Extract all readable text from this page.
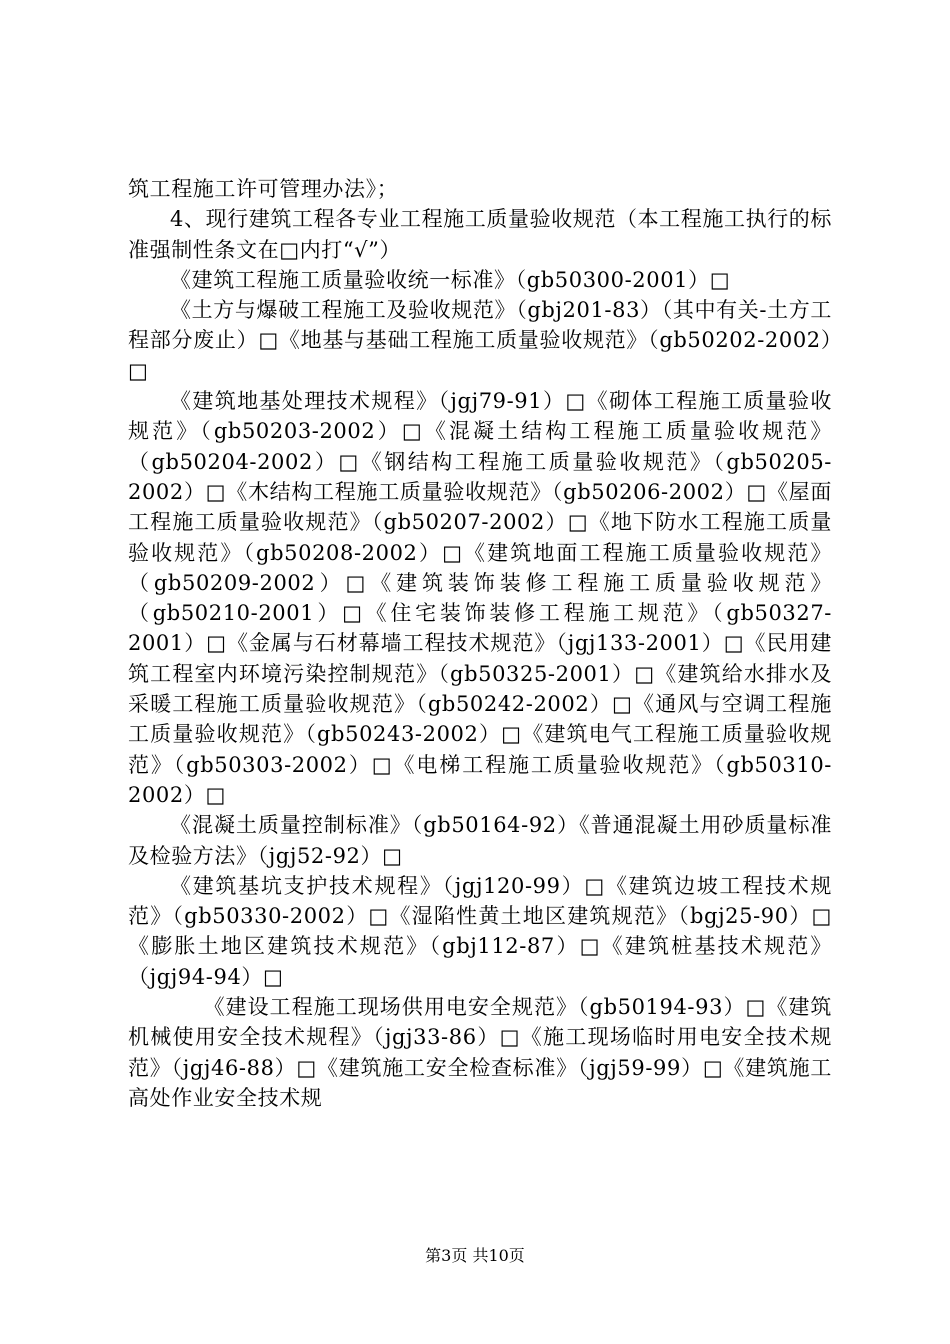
筑工程施工许可管理办法》；

4、现行建筑工程各专业工程施工质量验收规范（本工程施工执行的标准强制性条文在□内打“√”）

《建筑工程施工质量验收统一标准》（gb50300-2001）□

《土方与爆破工程施工及验收规范》（gbj201-83）（其中有关-土方工程部分废止）□《地基与基础工程施工质量验收规范》（gb50202-2002）□

《建筑地基处理技术规程》（jgj79-91）□《砌体工程施工质量验收规范》（gb50203-2002）□《混凝土结构工程施工质量验收规范》（gb50204-2002）□《钢结构工程施工质量验收规范》（gb50205-2002）□《木结构工程施工质量验收规范》（gb50206-2002）□《屋面工程施工质量验收规范》（gb50207-2002）□《地下防水工程施工质量验收规范》（gb50208-2002）□《建筑地面工程施工质量验收规范》（gb50209-2002）□《建筑装饰装修工程施工质量验收规范》（gb50210-2001）□《住宅装饰装修工程施工规范》（gb50327-2001）□《金属与石材幕墙工程技术规范》（jgj133-2001）□《民用建筑工程室内环境污染控制规范》（gb50325-2001）□《建筑给水排水及采暖工程施工质量验收规范》（gb50242-2002）□《通风与空调工程施工质量验收规范》（gb50243-2002）□《建筑电气工程施工质量验收规范》（gb50303-2002）□《电梯工程施工质量验收规范》（gb50310-2002）□

《混凝土质量控制标准》（gb50164-92）《普通混凝土用砂质量标准及检验方法》（jgj52-92）□

《建筑基坑支护技术规程》（jgj120-99）□《建筑边坡工程技术规范》（gb50330-2002）□《湿陷性黄土地区建筑规范》（bgj25-90）□《膨胀土地区建筑技术规范》（gbj112-87）□《建筑桩基技术规范》（jgj94-94）□

《建设工程施工现场供用电安全规范》（gb50194-93）□《建筑机械使用安全技术规程》（jgj33-86）□《施工现场临时用电安全技术规范》（jgj46-88）□《建筑施工安全检查标准》（jgj59-99）□《建筑施工高处作业安全技术规

第3页 共10页
